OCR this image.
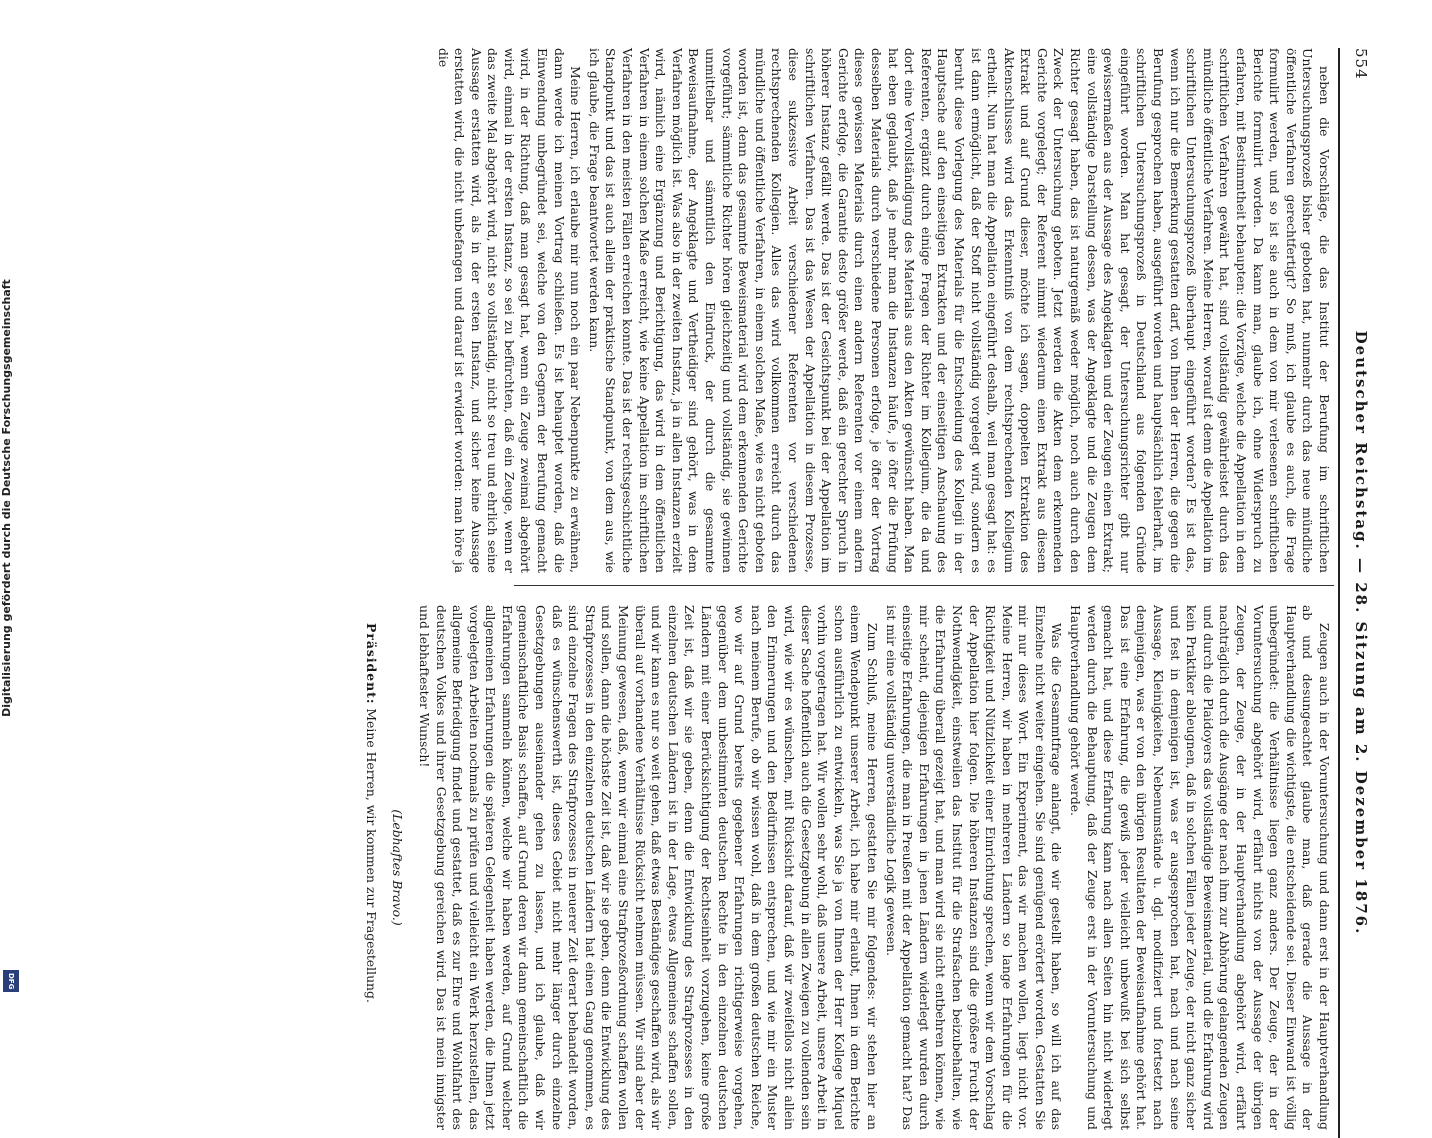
554
Deutscher Reichstag. — 28. Sitzung am 2. Dezember 1876.

neben die Vorschläge, die das Institut der Berufung im schriftlichen Untersuchungsprozeß bisher geboten hat, nunmehr durch das neue mündliche öffentliche Verfahren gerechtfertigt? So muß, ich glaube es auch, die Frage formulirt werden, und so ist sie auch in dem von mir verlesenen schriftlichen Berichte formulirt worden. Da kann man, glaube ich, ohne Widerspruch zu erfahren, mit Bestimmtheit behaupten: die Vorzüge, welche die Appellation in dem schriftlichen Verfahren gewährt hat, sind vollständig gewährleistet durch das mündliche öffentliche Verfahren. Meine Herren, worauf ist denn die Appellation im schriftlichen Untersuchungsprozeß überhaupt eingeführt worden? Es ist das, wenn ich nur die Bemerkung gestatten darf, von Ihnen der Herren, die gegen die Berufung gesprochen haben, ausgeführt worden und hauptsächlich fehlerhaft, im schriftlichen Untersuchungsprozeß in Deutschland aus folgenden Gründe eingeführt worden. Man hat gesagt, der Untersuchungsrichter gibt nur gewissermaßen aus der Aussage des Angeklagten und der Zeugen einen Extrakt; eine vollständige Darstellung dessen, was der Angeklagte und die Zeugen dem Richter gesagt haben, das ist naturgemäß weder möglich, noch auch durch den Zweck der Untersuchung geboten. Jetzt werden die Akten dem erkennenden Gerichte vorgelegt; der Referent nimmt wiederum einen Extrakt aus diesem Extrakt und auf Grund dieser, möchte ich sagen, doppelten Extraktion des Aktenschlusses wird das Erkenntniß von dem rechtsprechenden Kollegium ertheilt. Nun hat man die Appellation eingeführt deshalb, weil man gesagt hat: es ist dann ermöglicht, daß der Stoff nicht vollständig vorgelegt wird, sondern es beruht diese Vorlegung des Materials für die Entscheidung des Kollegii in der Hauptsache auf den einseitigen Extrakten und der einseitigen Anschauung des Referenten, ergänzt durch einige Fragen der Richter im Kollegium, die da und dort eine Vervollständigung des Materials aus den Akten gewünscht haben. Man hat eben geglaubt, daß je mehr man die Instanzen häufe, je öfter die Prüfung desselben Materials durch verschiedene Personen erfolge, je öfter der Vortrag dieses gewissen Materials durch einen andern Referenten vor einem andern Gerichte erfolge, die Garantie desto größer werde, daß ein gerechter Spruch in höherer Instanz gefällt werde. Das ist der Gesichtspunkt bei der Appellation im schriftlichen Verfahren. Das ist das Wesen der Appellation in diesem Prozesse, diese sukzessive Arbeit verschiedener Referenten vor verschiedenen rechtsprechenden Kollegien. Alles das wird vollkommen erreicht durch das mündliche und öffentliche Verfahren, in einem solchen Maße, wie es nicht geboten worden ist, denn das gesammte Beweismaterial wird dem erkennenden Gerichte vorgeführt; sämmtliche Richter hören gleichzeitig und vollständig, sie gewinnen unmittelbar und sämmtlich den Eindruck, der durch die gesammte Beweisaufnahme, der Angeklagte und Vertheidiger sind gehört, was in dem Verfahren möglich ist. Was also in der zweiten Instanz, ja in allen Instanzen erzielt wird, nämlich eine Ergänzung und Berichtigung, das wird in dem öffentlichen Verfahren in einem solchen Maße erreicht, wie keine Appellation im schriftlichen Verfahren in den meisten Fällen erreichen konnte. Das ist der rechtsgeschichtliche Standpunkt und das ist auch allein der praktische Standpunkt, von dem aus, wie ich glaube, die Frage beantwortet werden kann.

Meine Herren, ich erlaube mir nun noch ein paar Nebenpunkte zu erwähnen, dann werde ich meinen Vortrag schließen. Es ist behauptet worden, daß die Einwendung unbegründet sei, welche von den Gegnern der Berufung gemacht wird, in der Richtung, daß man gesagt hat, wenn ein Zeuge zweimal abgehört wird, einmal in der ersten Instanz, so sei zu befürchten, daß ein Zeuge, wenn er das zweite Mal abgehört wird, nicht so vollständig, nicht so treu und ehrlich seine Aussage erstatten wird, als in der ersten Instanz, und sicher keine Aussage erstatten wird, die nicht unbefangen und darauf ist erwidert worden: man höre ja die

Zeugen auch in der Voruntersuchung und dann erst in der Hauptverhandlung ab und desungeachtet glaube man, daß gerade die Aussage in der Hauptverhandlung die wichtigste, die entscheidende sei. Dieser Einwand ist völlig unbegründet: die Verhältnisse liegen ganz anders. Der Zeuge, der in der Voruntersuchung abgehört wird, erfährt nichts von der Aussage der übrigen Zeugen, der Zeuge, der in der Hauptverhandlung abgehört wird, erfährt nachträglich durch die Ausgänge der nach ihm zur Abhörung gelangenden Zeugen und durch die Plaidoyers das vollständige Beweismaterial, und die Erfahrung wird kein Praktiker ableugnen, daß in solchen Fällen jeder Zeuge, der nicht ganz sicher und fest in demjenigen ist, was er ausgesprochen hat, nach und nach seine Aussage, Kleinigkeiten, Nebenumstände u. dgl. modifiziert und fortsetzt nach demjenigen, was er von den übrigen Resultaten der Beweisaufnahme gehört hat. Das ist eine Erfahrung, die gewiß jeder vielleicht unbewußt bei sich selbst gemacht hat, und diese Erfahrung kann nach allen Seiten hin nicht widerlegt werden durch die Behauptung, daß der Zeuge erst in der Voruntersuchung und Hauptverhandlung gehört werde.

Was die Gesammtfrage anlangt, die wir gestellt haben, so will ich auf das Einzelne nicht weiter eingehen. Sie sind genügend erörtert worden. Gestatten Sie mir nur dieses Wort. Ein Experiment, das wir machen wollen, liegt nicht vor. Meine Herren, wir haben in mehreren Ländern so lange Erfahrungen für die Richtigkeit und Nützlichkeit einer Einrichtung sprechen, wenn wir dem Vorschlag der Appellation hier folgen. Die höheren Instanzen sind die größere Frucht der Nothwendigkeit, einstweilen das Institut für die Strafsachen beizubehalten, wie die Erfahrung überall gezeigt hat, und man wird sie nicht entbehren können, wie mir scheint, diejenigen Erfahrungen in jenen Ländern widerlegt wurden durch einseitige Erfahrungen, die man in Preußen mit der Appellation gemacht hat? Das ist mir eine vollständig unverständliche Logik gewesen.

Zum Schluß, meine Herren, gestatten Sie mir folgendes: wir stehen hier an einem Wendepunkt unserer Arbeit, ich habe mir erlaubt, Ihnen in dem Berichte schon ausführlich zu entwickeln, was Sie ja von Ihnen der Herr Kollege Miquel vorhin vorgetragen hat. Wir wollen sehr wohl, daß unsere Arbeit, unsere Arbeit in dieser Sache hoffentlich auch die Gesetzgebung in allen Zweigen zu vollenden sein wird, wie wir es wünschen, mit Rücksicht darauf, daß wir zweifellos nicht allein den Erinnerungen und den Bedürfnissen entsprechen, und wie mir ein Muster nach meinem Berufe, ob wir wissen wohl, daß in dem großen deutschen Reiche, wo wir auf Grund bereits gegebener Erfahrungen richtigerweise vorgehen, gegenüber dem unbestimmten deutschen Rechte in den einzelnen deutschen Ländern mit einer Berücksichtigung der Rechtseinheit vorzugehen, keine große Zeit ist, daß wir sie geben, denn die Entwicklung des Strafprozesses in den einzelnen deutschen Ländern ist in der Lage, etwas Allgemeines schaffen sollen, und wir kann es nur so weit gehen, daß etwas Beständiges geschaffen wird, als wir überall auf vorhandene Verhältnisse Rücksicht nehmen müssen. Wir sind aber der Meinung gewesen, daß, wenn wir einmal eine Strafprozeßordnung schaffen wollen und sollen, dann die höchste Zeit ist, daß wir sie geben, denn die Entwicklung des Strafprozesses in den einzelnen deutschen Ländern hat einen Gang genommen, es sind einzelne Fragen des Strafprozesses in neuerer Zeit derart behandelt worden, daß es wünschenswerth ist, dieses Gebiet nicht mehr länger durch einzelne Gesetzgebungen auseinander gehen zu lassen, und ich glaube, daß wir gemeinschaftliche Basis schaffen, auf Grund deren wir dann gemeinschaftlich die Erfahrungen sammeln können, welche wir haben werden, auf Grund welcher allgemeinen Erfahrungen die späteren Gelegenheit haben werden, die Ihnen jetzt vorgelegten Arbeiten nochmals zu prüfen und vielleicht ein Werk herzustellen, das allgemeine Befriedigung findet und gestattet, daß es zur Ehre und Wohlfahrt des deutschen Volkes und ihrer Gesetzgebung gereichen wird. Das ist mein innigster und lebhaftester Wunsch!

(Lebhaftes Bravo.)

Präsident: Meine Herren, wir kommen zur Fragestellung.

Digitalisierung gefördert durch die Deutsche Forschungsgemeinschaft
DFG
